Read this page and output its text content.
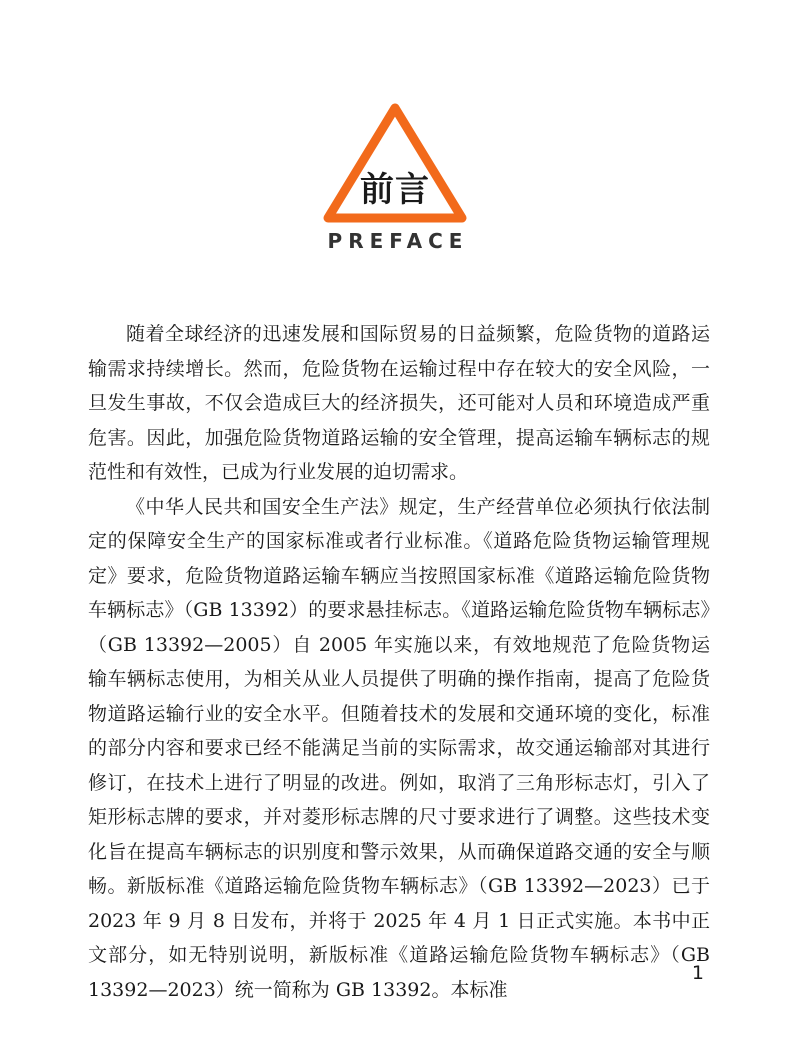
前言
PREFACE

随着全球经济的迅速发展和国际贸易的日益频繁，危险货物的道路运输需求持续增长。然而，危险货物在运输过程中存在较大的安全风险，一旦发生事故，不仅会造成巨大的经济损失，还可能对人员和环境造成严重危害。因此，加强危险货物道路运输的安全管理，提高运输车辆标志的规范性和有效性，已成为行业发展的迫切需求。

《中华人民共和国安全生产法》规定，生产经营单位必须执行依法制定的保障安全生产的国家标准或者行业标准。《道路危险货物运输管理规定》要求，危险货物道路运输车辆应当按照国家标准《道路运输危险货物车辆标志》（GB 13392）的要求悬挂标志。《道路运输危险货物车辆标志》（GB 13392—2005）自 2005 年实施以来，有效地规范了危险货物运输车辆标志使用，为相关从业人员提供了明确的操作指南，提高了危险货物道路运输行业的安全水平。但随着技术的发展和交通环境的变化，标准的部分内容和要求已经不能满足当前的实际需求，故交通运输部对其进行修订，在技术上进行了明显的改进。例如，取消了三角形标志灯，引入了矩形标志牌的要求，并对菱形标志牌的尺寸要求进行了调整。这些技术变化旨在提高车辆标志的识别度和警示效果，从而确保道路交通的安全与顺畅。新版标准《道路运输危险货物车辆标志》（GB 13392—2023）已于 2023 年 9 月 8 日发布，并将于 2025 年 4 月 1 日正式实施。本书中正文部分，如无特别说明，新版标准《道路运输危险货物车辆标志》（GB 13392—2023）统一简称为 GB 13392。本标准

1
